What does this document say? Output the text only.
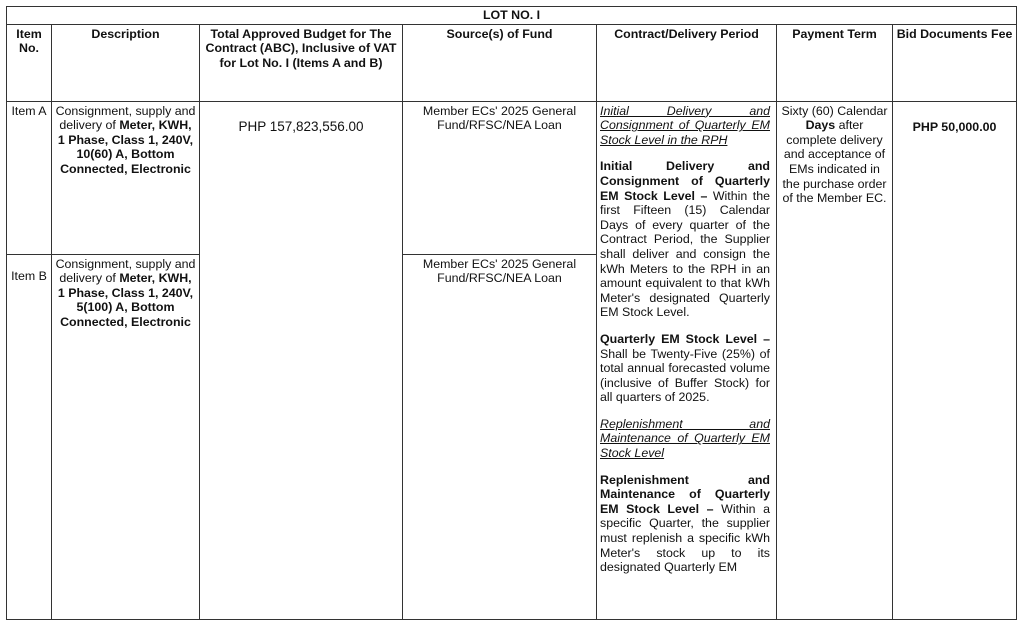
LOT NO. I						
Item No.	Description	Total Approved Budget for The Contract (ABC), Inclusive of VAT for Lot No. I (Items A and B)	Source(s) of Fund	Contract/Delivery Period	Payment Term	Bid Documents Fee
Item A	Consignment, supply and delivery of Meter, KWH, 1 Phase, Class 1, 240V, 10(60) A, Bottom Connected, Electronic	PHP 157,823,556.00	Member ECs' 2025 General Fund/RFSC/NEA Loan	Initial Delivery and Consignment of Quarterly EM Stock Level in the RPH

Initial Delivery and Consignment of Quarterly EM Stock Level – Within the first Fifteen (15) Calendar Days of every quarter of the Contract Period, the Supplier shall deliver and consign the kWh Meters to the RPH in an amount equivalent to that kWh Meter's designated Quarterly EM Stock Level.

Quarterly EM Stock Level – Shall be Twenty-Five (25%) of total annual forecasted volume (inclusive of Buffer Stock) for all quarters of 2025.

Replenishment and Maintenance of Quarterly EM Stock Level

Replenishment and Maintenance of Quarterly EM Stock Level – Within a specific Quarter, the supplier must replenish a specific kWh Meter's stock up to its designated Quarterly EM	Sixty (60) Calendar Days after complete delivery and acceptance of EMs indicated in the purchase order of the Member EC.	PHP 50,000.00
Item B	Consignment, supply and delivery of Meter, KWH, 1 Phase, Class 1, 240V, 5(100) A, Bottom Connected, Electronic		Member ECs' 2025 General Fund/RFSC/NEA Loan			
